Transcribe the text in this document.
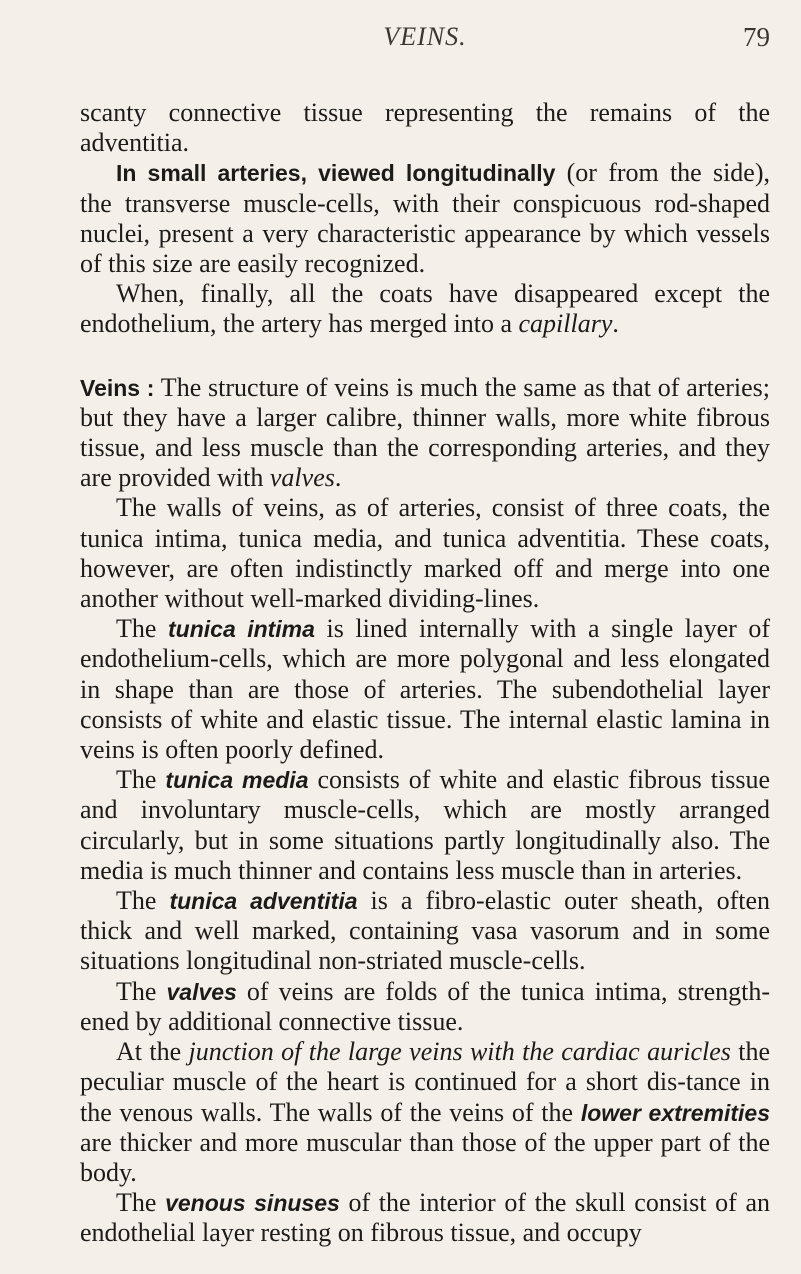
VEINS.	79

scanty connective tissue representing the remains of the adventitia.

In small arteries, viewed longitudinally (or from the side), the transverse muscle-cells, with their conspicuous rod-shaped nuclei, present a very characteristic appearance by which vessels of this size are easily recognized.

When, finally, all the coats have disappeared except the endothelium, the artery has merged into a capillary.

Veins : The structure of veins is much the same as that of arteries; but they have a larger calibre, thinner walls, more white fibrous tissue, and less muscle than the corresponding arteries, and they are provided with valves.

The walls of veins, as of arteries, consist of three coats, the tunica intima, tunica media, and tunica adventitia. These coats, however, are often indistinctly marked off and merge into one another without well-marked dividing-lines.

The tunica intima is lined internally with a single layer of endothelium-cells, which are more polygonal and less elongated in shape than are those of arteries. The subendothelial layer consists of white and elastic tissue. The internal elastic lamina in veins is often poorly defined.

The tunica media consists of white and elastic fibrous tissue and involuntary muscle-cells, which are mostly arranged circularly, but in some situations partly longitudinally also. The media is much thinner and contains less muscle than in arteries.

The tunica adventitia is a fibro-elastic outer sheath, often thick and well marked, containing vasa vasorum and in some situations longitudinal non-striated muscle-cells.

The valves of veins are folds of the tunica intima, strength-ened by additional connective tissue.

At the junction of the large veins with the cardiac auricles the peculiar muscle of the heart is continued for a short dis-tance in the venous walls. The walls of the veins of the lower extremities are thicker and more muscular than those of the upper part of the body.

The venous sinuses of the interior of the skull consist of an endothelial layer resting on fibrous tissue, and occupy
